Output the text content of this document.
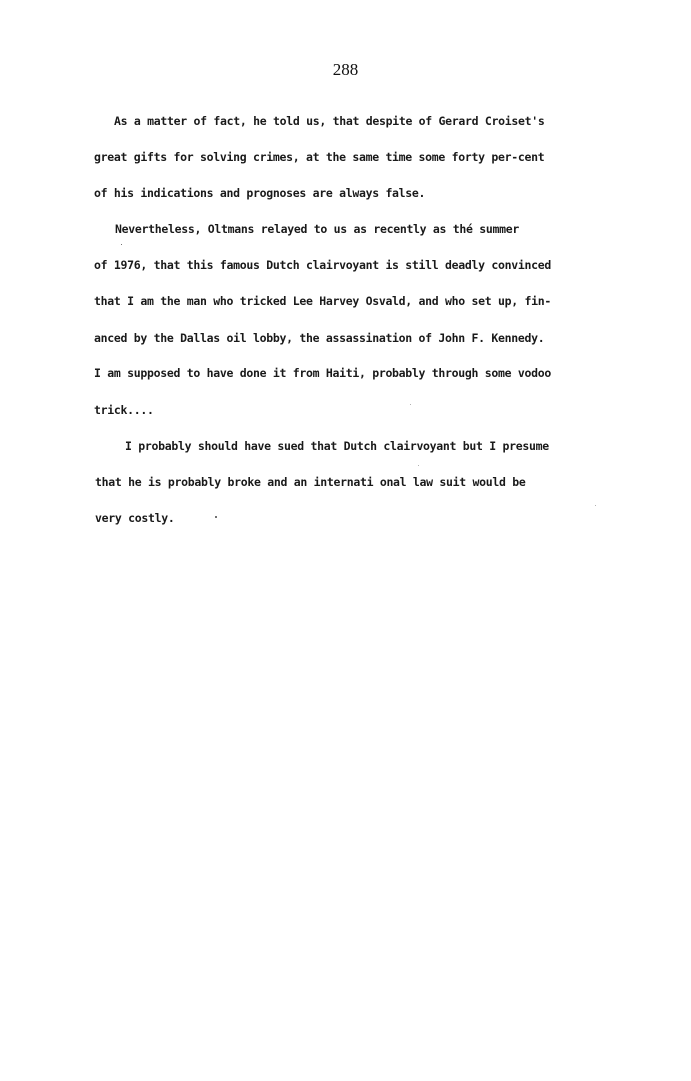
288
As a matter of fact, he told us, that despite of Gerard Croiset's
great gifts for solving crimes, at the same time some forty per-cent
of his indications and prognoses are always false.
Nevertheless, Oltmans relayed to us as recently as thé summer
of 1976, that this famous Dutch clairvoyant is still deadly convinced
that I am the man who tricked Lee Harvey Osvald, and who set up, fin-
anced by the Dallas oil lobby, the assassination of John F. Kennedy.
I am supposed to have done it from Haiti, probably through some vodoo
trick....
I probably should have sued that Dutch clairvoyant but I presume
that he is probably broke and an internati onal law suit would be
very costly.
